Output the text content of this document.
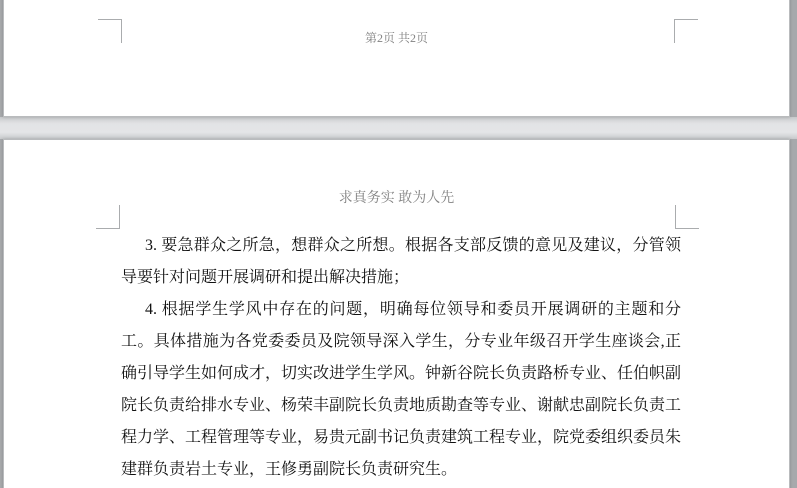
第2页 共2页
求真务实 敢为人先

3. 要急群众之所急，想群众之所想。根据各支部反馈的意见及建议，分管领导要针对问题开展调研和提出解决措施；

4. 根据学生学风中存在的问题，明确每位领导和委员开展调研的主题和分工。具体措施为各党委委员及院领导深入学生，分专业年级召开学生座谈会,正确引导学生如何成才，切实改进学生学风。钟新谷院长负责路桥专业、任伯帜副院长负责给排水专业、杨荣丰副院长负责地质勘查等专业、谢献忠副院长负责工程力学、工程管理等专业，易贵元副书记负责建筑工程专业，院党委组织委员朱建群负责岩土专业，王修勇副院长负责研究生。
